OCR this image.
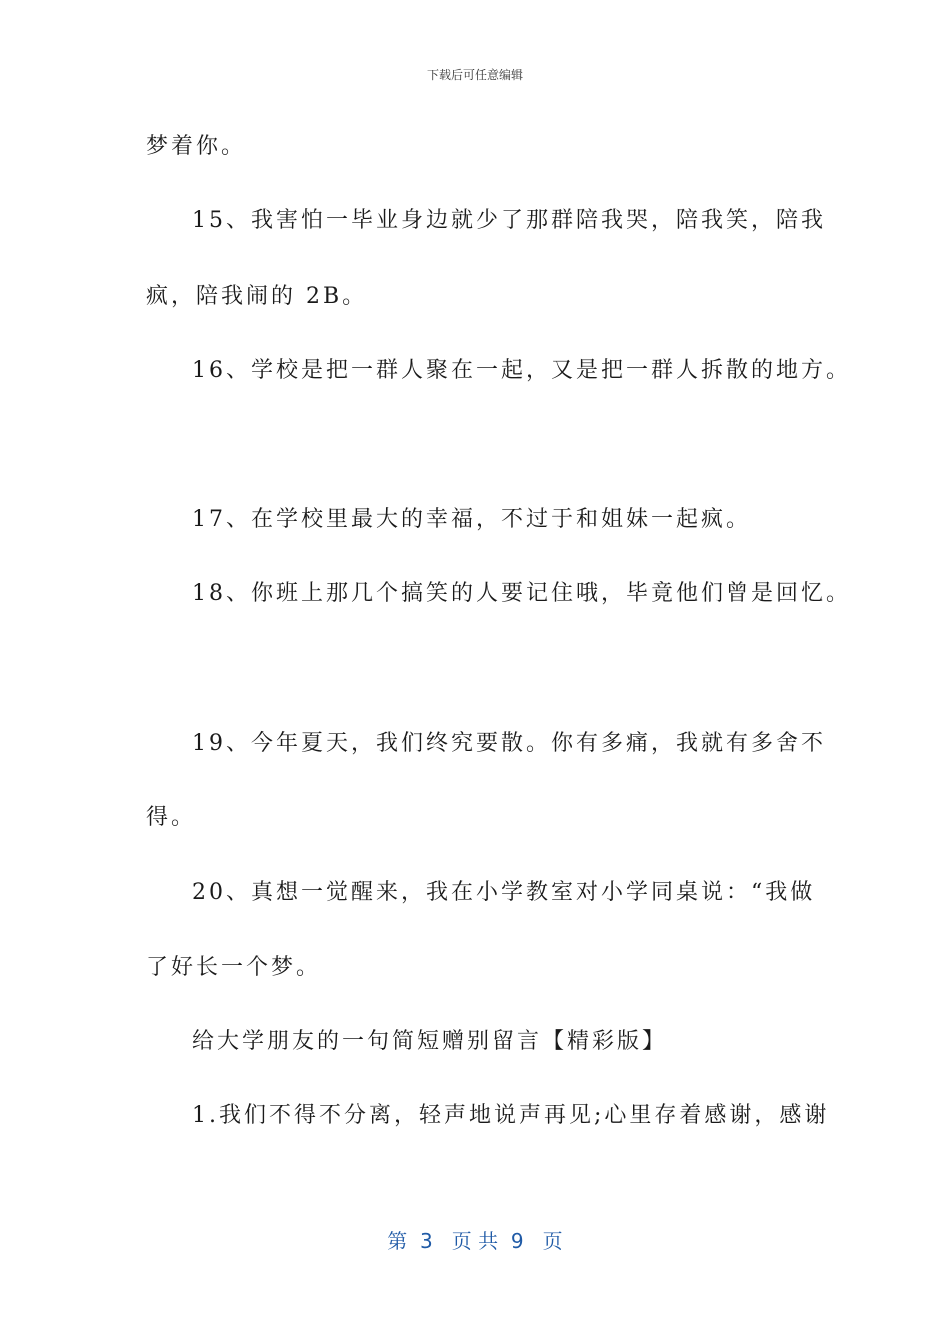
下载后可任意编辑
梦着你。
15、我害怕一毕业身边就少了那群陪我哭，陪我笑，陪我
疯，陪我闹的 2B。
16、学校是把一群人聚在一起，又是把一群人拆散的地方。
17、在学校里最大的幸福，不过于和姐妹一起疯。
18、你班上那几个搞笑的人要记住哦，毕竟他们曾是回忆。
19、今年夏天，我们终究要散。你有多痛，我就有多舍不
得。
20、真想一觉醒来，我在小学教室对小学同桌说：“我做
了好长一个梦。
给大学朋友的一句简短赠别留言【精彩版】
1.我们不得不分离，轻声地说声再见;心里存着感谢，感谢
第  3   页 共  9   页
